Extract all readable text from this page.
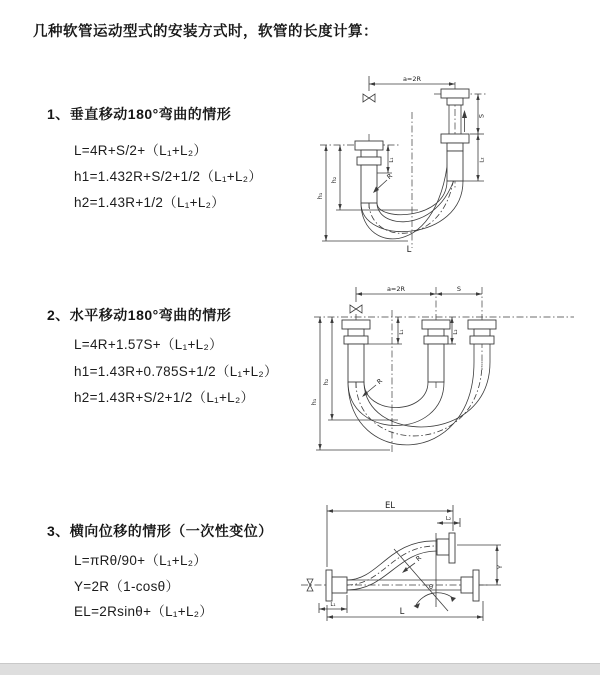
几种软管运动型式的安装方式时，软管的长度计算：
1、垂直移动180°弯曲的情形
L=4R+S/2+（L₁+L₂）
h1=1.432R+S/2+1/2（L₁+L₂）
h2=1.43R+1/2（L₁+L₂）
2、水平移动180°弯曲的情形
L=4R+1.57S+（L₁+L₂）
h1=1.43R+0.785S+1/2（L₁+L₂）
h2=1.43R+S/2+1/2（L₁+L₂）
3、横向位移的情形（一次性变位）
L=πRθ/90+（L₁+L₂）
Y=2R（1-cosθ）
EL=2Rsinθ+（L₁+L₂）
a=2R
h₁
h₂
L₁
S
L₂
R
L
a=2R	S
h₁
h₂
L₁	L₂
R
EL
L₂
Y
R
θ
L₁
L
